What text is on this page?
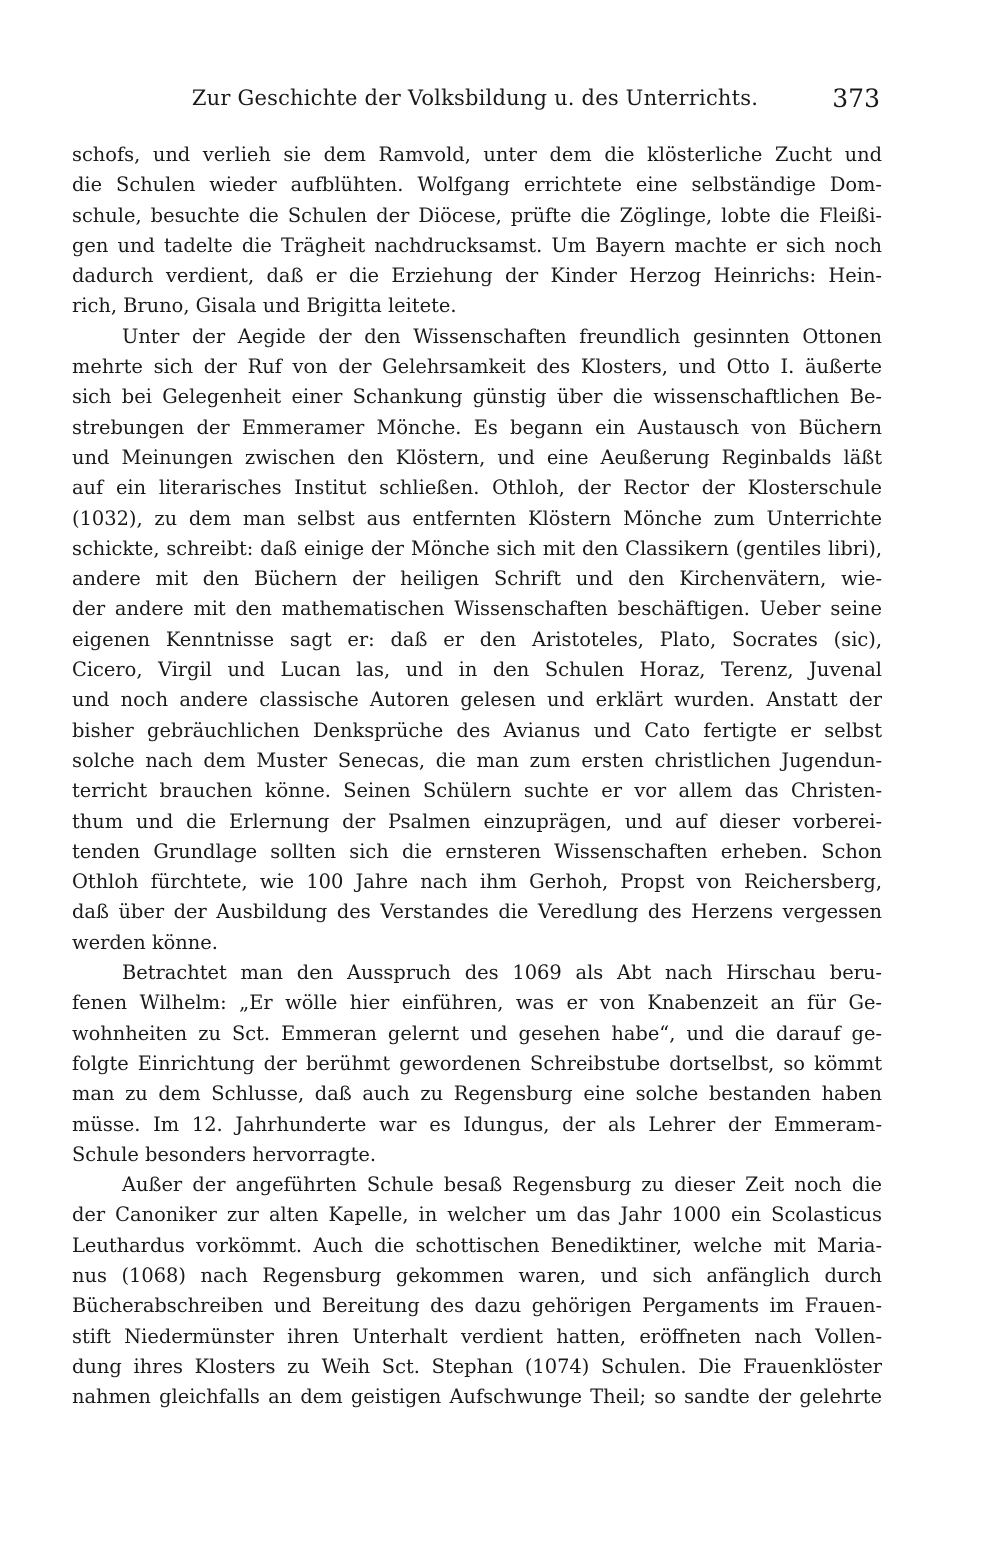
Zur Geschichte der Volksbildung u. des Unterrichts.	373
schofs, und verlieh sie dem Ramvold, unter dem die klösterliche Zucht und
die Schulen wieder aufblühten. Wolfgang errichtete eine selbständige Dom-
schule, besuchte die Schulen der Diöcese, prüfte die Zöglinge, lobte die Fleißi-
gen und tadelte die Trägheit nachdrucksamst. Um Bayern machte er sich noch
dadurch verdient, daß er die Erziehung der Kinder Herzog Heinrichs: Hein-
rich, Bruno, Gisala und Brigitta leitete.
Unter der Aegide der den Wissenschaften freundlich gesinnten Ottonen
mehrte sich der Ruf von der Gelehrsamkeit des Klosters, und Otto I. äußerte
sich bei Gelegenheit einer Schankung günstig über die wissenschaftlichen Be-
strebungen der Emmeramer Mönche. Es begann ein Austausch von Büchern
und Meinungen zwischen den Klöstern, und eine Aeußerung Reginbalds läßt
auf ein literarisches Institut schließen. Othloh, der Rector der Klosterschule
(1032), zu dem man selbst aus entfernten Klöstern Mönche zum Unterrichte
schickte, schreibt: daß einige der Mönche sich mit den Classikern (gentiles libri),
andere mit den Büchern der heiligen Schrift und den Kirchenvätern, wie-
der andere mit den mathematischen Wissenschaften beschäftigen. Ueber seine
eigenen Kenntnisse sagt er: daß er den Aristoteles, Plato, Socrates (sic),
Cicero, Virgil und Lucan las, und in den Schulen Horaz, Terenz, Juvenal
und noch andere classische Autoren gelesen und erklärt wurden. Anstatt der
bisher gebräuchlichen Denksprüche des Avianus und Cato fertigte er selbst
solche nach dem Muster Senecas, die man zum ersten christlichen Jugendun-
terricht brauchen könne. Seinen Schülern suchte er vor allem das Christen-
thum und die Erlernung der Psalmen einzuprägen, und auf dieser vorberei-
tenden Grundlage sollten sich die ernsteren Wissenschaften erheben. Schon
Othloh fürchtete, wie 100 Jahre nach ihm Gerhoh, Propst von Reichersberg,
daß über der Ausbildung des Verstandes die Veredlung des Herzens vergessen
werden könne.
Betrachtet man den Ausspruch des 1069 als Abt nach Hirschau beru-
fenen Wilhelm: „Er wölle hier einführen, was er von Knabenzeit an für Ge-
wohnheiten zu Sct. Emmeran gelernt und gesehen habe“, und die darauf ge-
folgte Einrichtung der berühmt gewordenen Schreibstube dortselbst, so kömmt
man zu dem Schlusse, daß auch zu Regensburg eine solche bestanden haben
müsse. Im 12. Jahrhunderte war es Idungus, der als Lehrer der Emmeram-
Schule besonders hervorragte.
Außer der angeführten Schule besaß Regensburg zu dieser Zeit noch die
der Canoniker zur alten Kapelle, in welcher um das Jahr 1000 ein Scolasticus
Leuthardus vorkömmt. Auch die schottischen Benediktiner, welche mit Maria-
nus (1068) nach Regensburg gekommen waren, und sich anfänglich durch
Bücherabschreiben und Bereitung des dazu gehörigen Pergaments im Frauen-
stift Niedermünster ihren Unterhalt verdient hatten, eröffneten nach Vollen-
dung ihres Klosters zu Weih Sct. Stephan (1074) Schulen. Die Frauenklöster
nahmen gleichfalls an dem geistigen Aufschwunge Theil; so sandte der gelehrte
